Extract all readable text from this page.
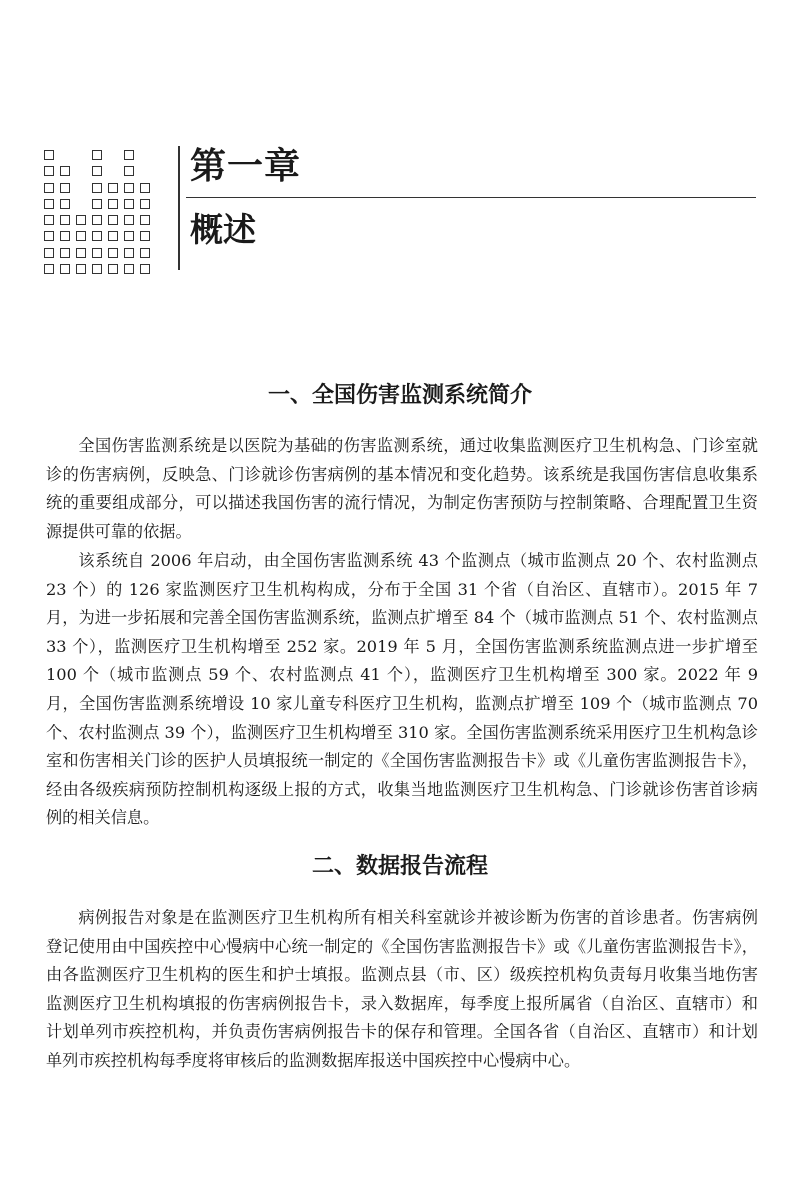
第一章
概述
一、全国伤害监测系统简介

全国伤害监测系统是以医院为基础的伤害监测系统，通过收集监测医疗卫生机构急、门诊室就诊的伤害病例，反映急、门诊就诊伤害病例的基本情况和变化趋势。该系统是我国伤害信息收集系统的重要组成部分，可以描述我国伤害的流行情况，为制定伤害预防与控制策略、合理配置卫生资源提供可靠的依据。

该系统自 2006 年启动，由全国伤害监测系统 43 个监测点（城市监测点 20 个、农村监测点 23 个）的 126 家监测医疗卫生机构构成，分布于全国 31 个省（自治区、直辖市）。2015 年 7 月，为进一步拓展和完善全国伤害监测系统，监测点扩增至 84 个（城市监测点 51 个、农村监测点 33 个），监测医疗卫生机构增至 252 家。2019 年 5 月，全国伤害监测系统监测点进一步扩增至 100 个（城市监测点 59 个、农村监测点 41 个），监测医疗卫生机构增至 300 家。2022 年 9 月，全国伤害监测系统增设 10 家儿童专科医疗卫生机构，监测点扩增至 109 个（城市监测点 70 个、农村监测点 39 个），监测医疗卫生机构增至 310 家。全国伤害监测系统采用医疗卫生机构急诊室和伤害相关门诊的医护人员填报统一制定的《全国伤害监测报告卡》或《儿童伤害监测报告卡》，经由各级疾病预防控制机构逐级上报的方式，收集当地监测医疗卫生机构急、门诊就诊伤害首诊病例的相关信息。

二、数据报告流程

病例报告对象是在监测医疗卫生机构所有相关科室就诊并被诊断为伤害的首诊患者。伤害病例登记使用由中国疾控中心慢病中心统一制定的《全国伤害监测报告卡》或《儿童伤害监测报告卡》，由各监测医疗卫生机构的医生和护士填报。监测点县（市、区）级疾控机构负责每月收集当地伤害监测医疗卫生机构填报的伤害病例报告卡，录入数据库，每季度上报所属省（自治区、直辖市）和计划单列市疾控机构，并负责伤害病例报告卡的保存和管理。全国各省（自治区、直辖市）和计划单列市疾控机构每季度将审核后的监测数据库报送中国疾控中心慢病中心。
